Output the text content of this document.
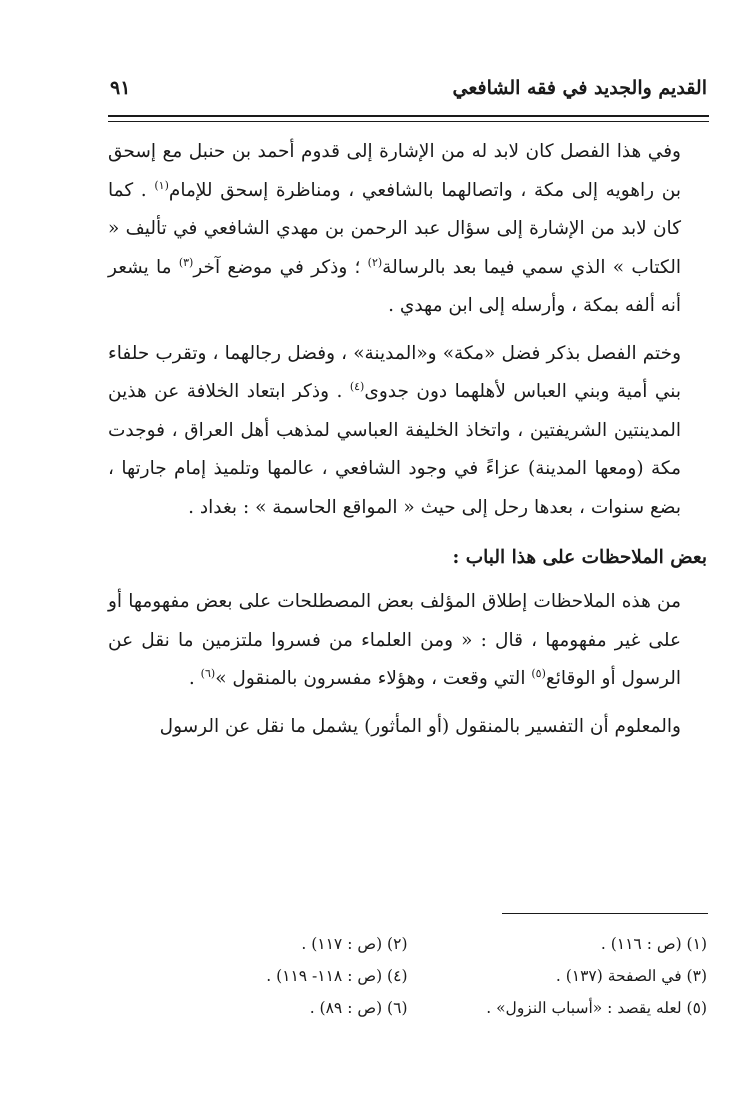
القديم والجديد في فقه الشافعي
٩١

وفي هذا الفصل كان لابد له من الإشارة إلى قدوم أحمد بن حنبل مع إسحق بن راهويه إلى مكة ، واتصالهما بالشافعي ، ومناظرة إسحق للإمام$^{(١)}$ . كما كان لابد من الإشارة إلى سؤال عبد الرحمن بن مهدي الشافعي في تأليف « الكتاب » الذي سمي فيما بعد بالرسالة$^{(٢)}$ ؛ وذكر في موضع آخر$^{(٣)}$ ما يشعر أنه ألفه بمكة ، وأرسله إلى ابن مهدي .

وختم الفصل بذكر فضل «مكة» و«المدينة» ، وفضل رجالهما ، وتقرب حلفاء بني أمية وبني العباس لأهلهما دون جدوى$^{(٤)}$ . وذكر ابتعاد الخلافة عن هذين المدينتين الشريفتين ، واتخاذ الخليفة العباسي لمذهب أهل العراق ، فوجدت مكة (ومعها المدينة) عزاءً في وجود الشافعي ، عالمها وتلميذ إمام جارتها ، بضع سنوات ، بعدها رحل إلى حيث « المواقع الحاسمة » : بغداد .

بعض الملاحظات على هذا الباب :

من هذه الملاحظات إطلاق المؤلف بعض المصطلحات على بعض مفهومها أو على غير مفهومها ، قال : « ومن العلماء من فسروا ملتزمين ما نقل عن الرسول أو الوقائع$^{(٥)}$ التي وقعت ، وهؤلاء مفسرون بالمنقول »$^{(٦)}$ .

والمعلوم أن التفسير بالمنقول (أو المأثور) يشمل ما نقل عن الرسول

(١) (ص : ١١٦) .
(٢) (ص : ١١٧) .
(٣) في الصفحة (١٣٧) .
(٤) (ص : ١١٨- ١١٩) .
(٥) لعله يقصد : «أسباب النزول» .
(٦) (ص : ٨٩) .
